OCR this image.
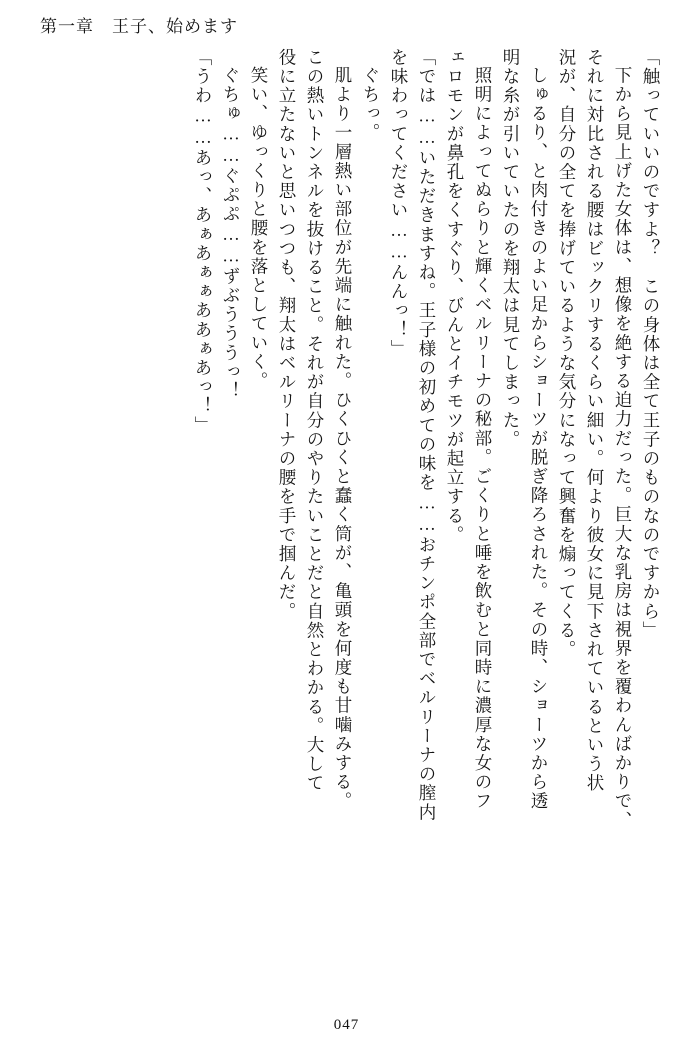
第一章　王子、始めます
「触っていいのですよ？　この身体は全て王子のものなのですから」
下から見上げた女体は、想像を絶する迫力だった。巨大な乳房は視界を覆わんばかりで、
それに対比される腰はビックリするくらい細い。何より彼女に見下されているという状
況が、自分の全てを捧げているような気分になって興奮を煽ってくる。
しゅるり、と肉付きのよい足からショーツが脱ぎ降ろされた。その時、ショーツから透
明な糸が引いていたのを翔太は見てしまった。
照明によってぬらりと輝くベルリーナの秘部。ごくりと唾を飲むと同時に濃厚な女のフ
ェロモンが鼻孔をくすぐり、びんとイチモツが起立する。
「では……いただきますね。王子様の初めての味を……おチンポ全部でベルリーナの膣内
を味わってください……んんっ！」
ぐちっ。
肌より一層熱い部位が先端に触れた。ひくひくと蠢く筒が、亀頭を何度も甘噛みする。
この熱いトンネルを抜けること。それが自分のやりたいことだと自然とわかる。大して
役に立たないと思いつつも、翔太はベルリーナの腰を手で掴んだ。
笑い、ゆっくりと腰を落としていく。
ぐちゅ……ぐぷぷ……ずぶうううっ！
「うわ……あっ、あぁあぁぁああぁあっ！」
047
